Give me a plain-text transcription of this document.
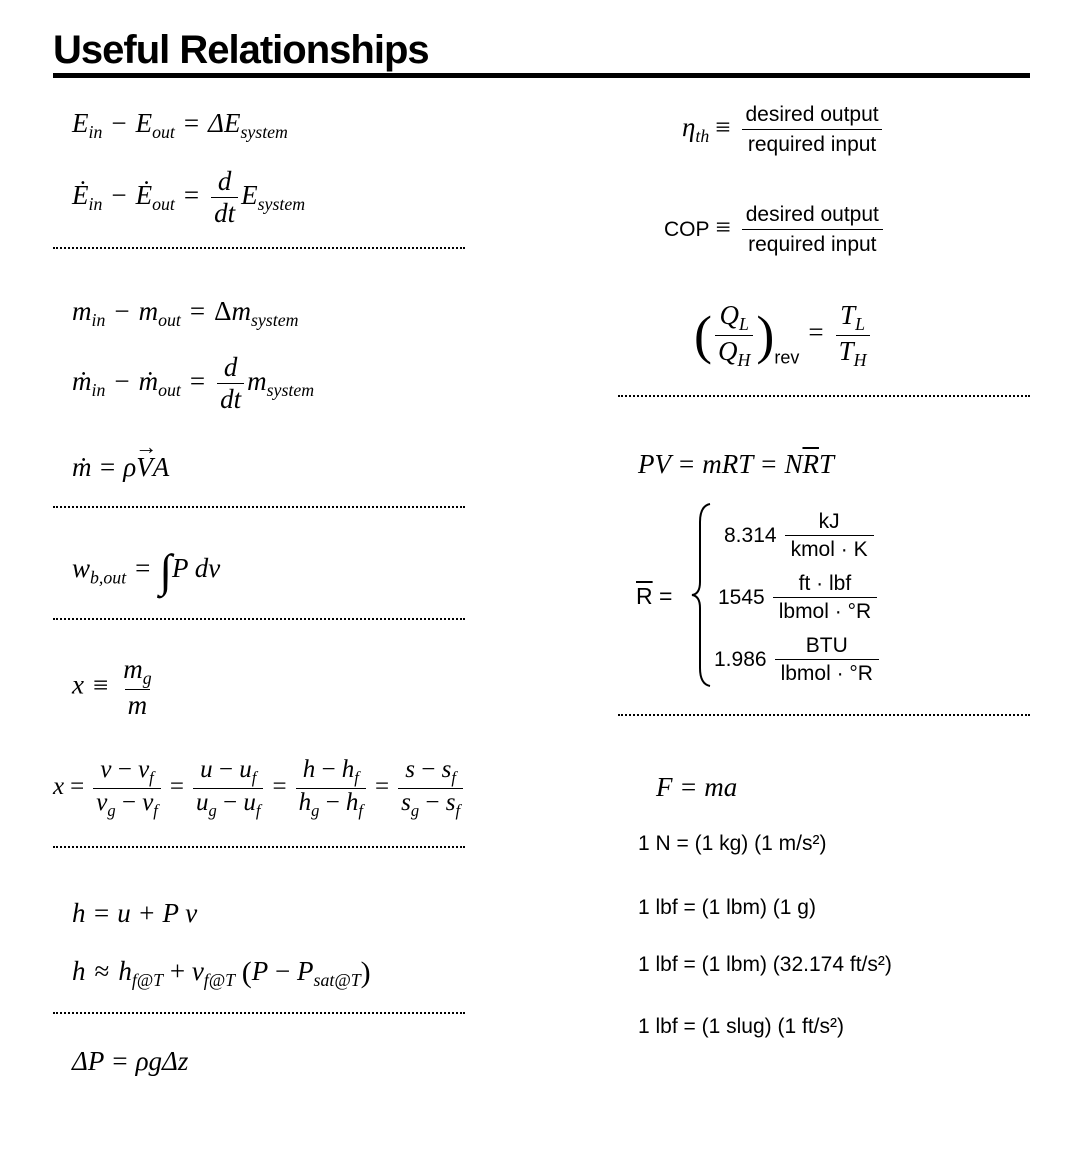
Useful Relationships
$E_{in} - E_{out} = \Delta E_{system}$
$Ė_{in}$ − $Ė_{out} = \frac{d}{dt} E_{system}$
$m_{in} - m_{out} = \Delta m_{system}$
ṁ$_{in}$ − ṁ$_{out}$ = $\frac{d}{dt} m_{system}$
ṁ = ρ→ VA
$w_{b,out} = \int P$ dv
$x \equiv \frac{m_g}{m}$
$x = \frac{v - v_f}{v_g - v_f} = \frac{u - u_f}{u_g - u_f} = \frac{h - h_f}{h_g - h_f} = \frac{s - s_f}{s_g - s_f}$
h = u + P v
$h \approx h_{f@T} + v_{f@T}$ $(P - P_{sat@T})$
ΔP = ρgΔz
$\eta_{th} \equiv \frac{\text{desired output}}{\text{required input}}$
COP ≡ $\frac{\text{desired output}}{\text{required input}}$
( $\frac{Q_L}{Q_H} )_{rev}= \frac{T_L}{T_H}$
PV = mRT = $N\overline{R}T$
$\overline{R}$ =
$8.314 \frac{kJ}{\text{kmol · K}}$
$1545 \frac{\text{ft · lbf}}{\text{lbmol · °R}}$
$1.986 \frac{\text{BTU}}{\text{lbmol · °R}}$
F = ma
1 N = (1 kg) (1 m/s²)
1 lbf = (1 lbm) (1 g)
1 lbf = (1 lbm) (32.174 ft/s²)
1 lbf = (1 slug) (1 ft/s²)
